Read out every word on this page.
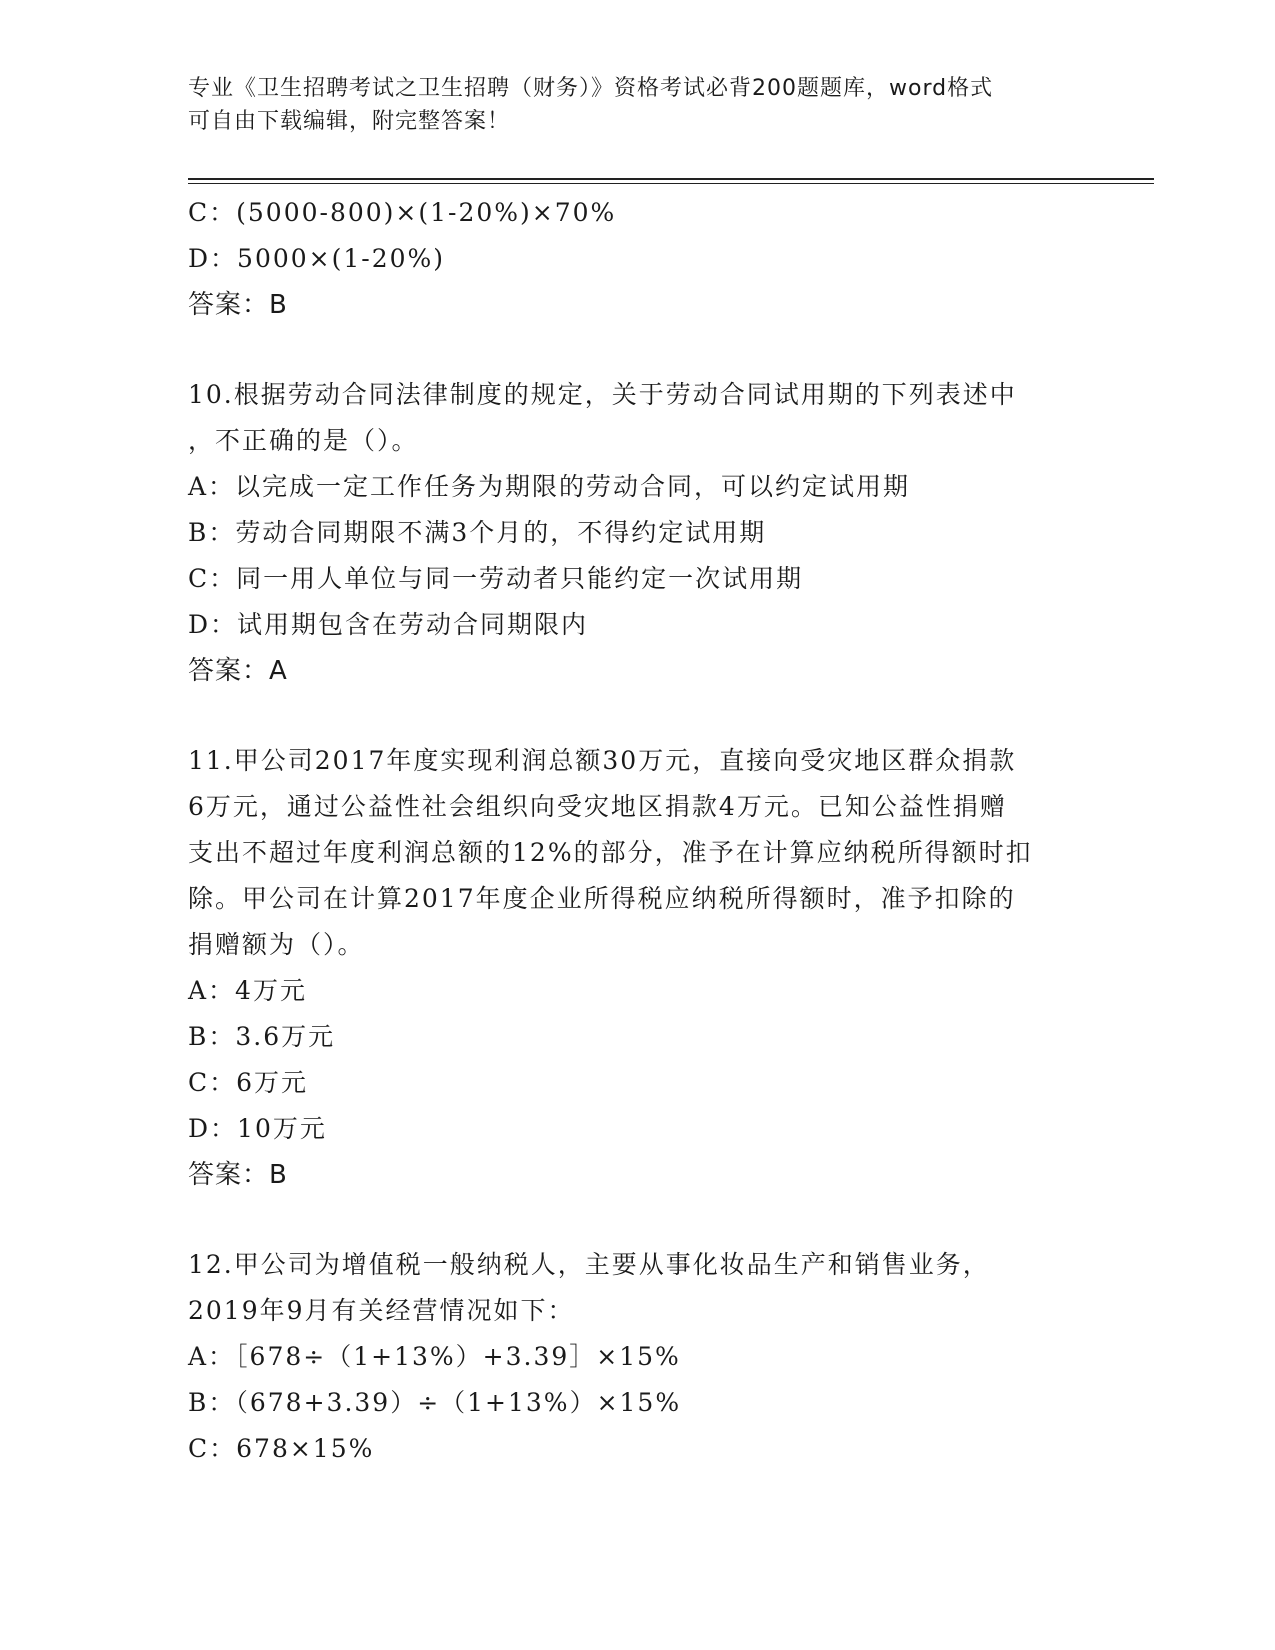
专业《卫生招聘考试之卫生招聘（财务）》资格考试必背200题题库，word格式
可自由下载编辑，附完整答案！
C：(5000-800)×(1-20%)×70%
D：5000×(1-20%)
答案：B
10.根据劳动合同法律制度的规定，关于劳动合同试用期的下列表述中
，不正确的是（）。
A：以完成一定工作任务为期限的劳动合同，可以约定试用期
B：劳动合同期限不满3个月的，不得约定试用期
C：同一用人单位与同一劳动者只能约定一次试用期
D：试用期包含在劳动合同期限内
答案：A
11.甲公司2017年度实现利润总额30万元，直接向受灾地区群众捐款
6万元，通过公益性社会组织向受灾地区捐款4万元。已知公益性捐赠
支出不超过年度利润总额的12%的部分，准予在计算应纳税所得额时扣
除。甲公司在计算2017年度企业所得税应纳税所得额时，准予扣除的
捐赠额为（）。
A：4万元
B：3.6万元
C：6万元
D：10万元
答案：B
12.甲公司为增值税一般纳税人，主要从事化妆品生产和销售业务，
2019年9月有关经营情况如下：
A：［678÷（1+13%）+3.39］×15%
B：（678+3.39）÷（1+13%）×15%
C：678×15%
